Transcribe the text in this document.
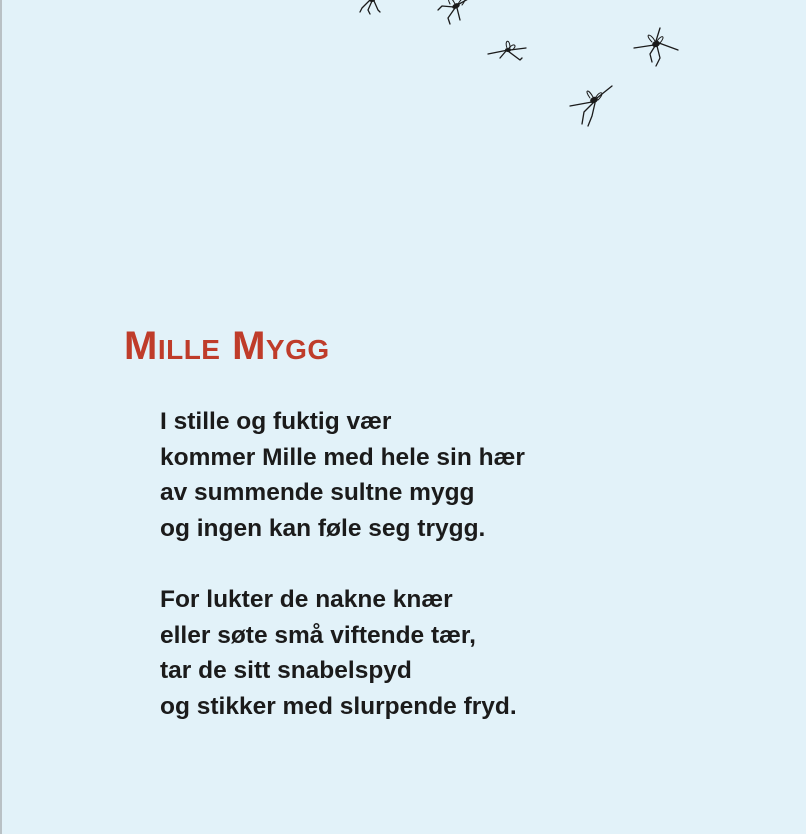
Mille Mygg
I stille og fuktig vær
kommer Mille med hele sin hær
av summende sultne mygg
og ingen kan føle seg trygg.
For lukter de nakne knær
eller søte små viftende tær,
tar de sitt snabelspyd
og stikker med slurpende fryd.
